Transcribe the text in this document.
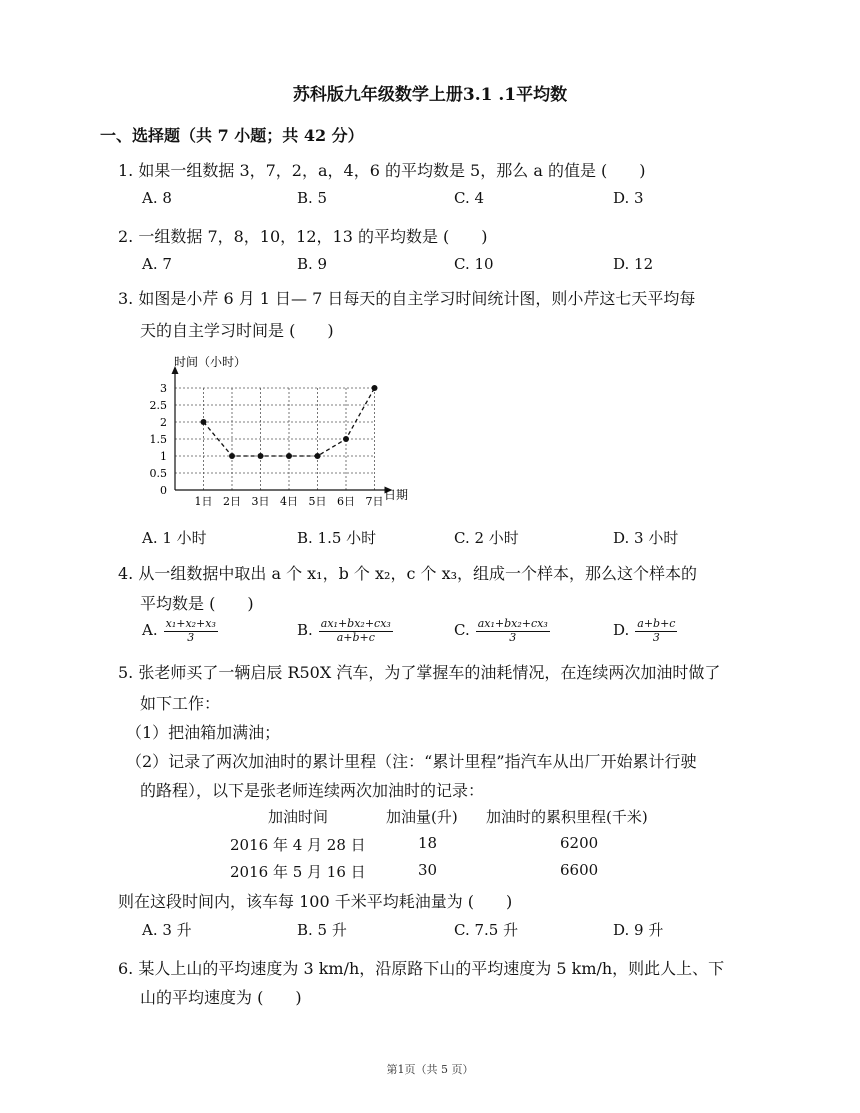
苏科版九年级数学上册3.1 .1平均数
一、选择题（共 7 小题；共 42 分）
1. 如果一组数据 3，7，2，a，4，6 的平均数是 5，那么 a 的值是 (　　)
A. 8	B. 5	C. 4	D. 3
2. 一组数据 7，8，10，12，13 的平均数是 (　　)
A. 7	B. 9	C. 10	D. 12
3. 如图是小芹 6 月 1 日— 7 日每天的自主学习时间统计图，则小芹这七天平均每
天的自主学习时间是 (　　)
0
0.5
1
1.5
2
2.5
3
1日 2日 3日 4日 5日 6日 7日
时间（小时）
日期
A. 1 小时	B. 1.5 小时	C. 2 小时	D. 3 小时
4. 从一组数据中取出 a 个 x₁，b 个 x₂，c 个 x₃，组成一个样本，那么这个样本的
平均数是 (　　)
A. $\frac{\text{x₁+x₂+x₃}}{3}$	B. $\frac{\text{ax₁+bx₂+cx₃}}{a+b+c}$	C. $\frac{\text{ax₁+bx₂+cx₃}}{3}$	D. $\frac{a+b+c}{3}$
5. 张老师买了一辆启辰 R50X 汽车，为了掌握车的油耗情况，在连续两次加油时做了
如下工作：
（1）把油箱加满油；
（2）记录了两次加油时的累计里程（注：“累计里程”指汽车从出厂开始累计行驶
的路程），以下是张老师连续两次加油时的记录：
加油时间	加油量(升) 加油时的累积里程(千米)
2016 年 4 月 28 日	18	6200
2016 年 5 月 16 日	30	6600
则在这段时间内，该车每 100 千米平均耗油量为 (　　)
A. 3 升	B. 5 升	C. 7.5 升	D. 9 升
6. 某人上山的平均速度为 3 km/h，沿原路下山的平均速度为 5 km/h，则此人上、下
山的平均速度为 (　　)
第1页（共 5 页）
